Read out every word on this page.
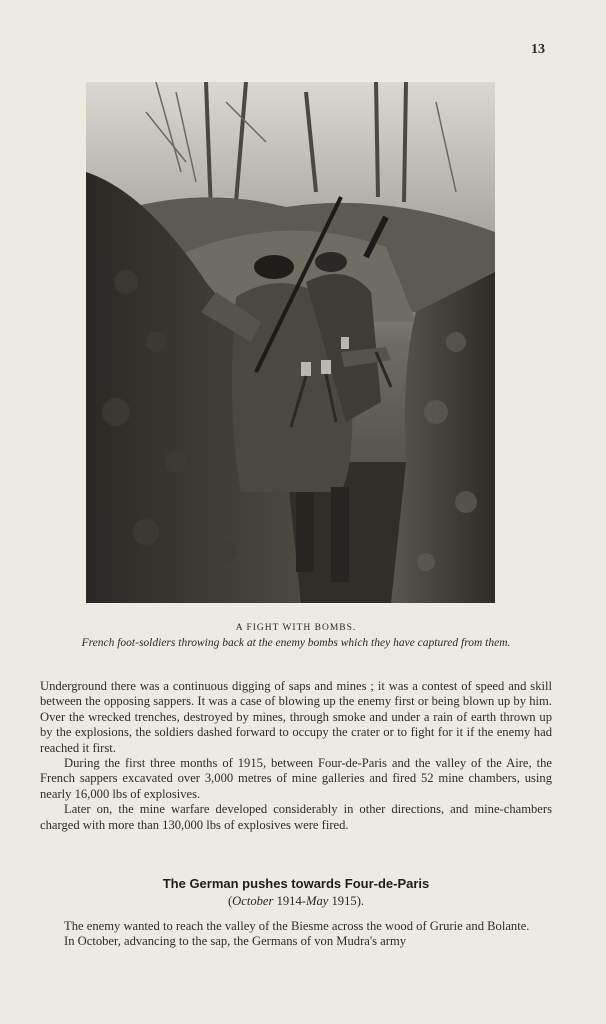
13
A FIGHT WITH BOMBS.
French foot-soldiers throwing back at the enemy bombs which they have captured from them.

Underground there was a continuous digging of saps and mines ; it was a contest of speed and skill between the opposing sappers. It was a case of blowing up the enemy first or being blown up by him. Over the wrecked trenches, destroyed by mines, through smoke and under a rain of earth thrown up by the explosions, the soldiers dashed forward to occupy the crater or to fight for it if the enemy had reached it first.

During the first three months of 1915, between Four-de-Paris and the valley of the Aire, the French sappers excavated over 3,000 metres of mine galleries and fired 52 mine chambers, using nearly 16,000 lbs of explosives.

Later on, the mine warfare developed considerably in other directions, and mine-chambers charged with more than 130,000 lbs of explosives were fired.

The German pushes towards Four-de-Paris
(October 1914-May 1915).

The enemy wanted to reach the valley of the Biesme across the wood of Grurie and Bolante.

In October, advancing to the sap, the Germans of von Mudra's army
